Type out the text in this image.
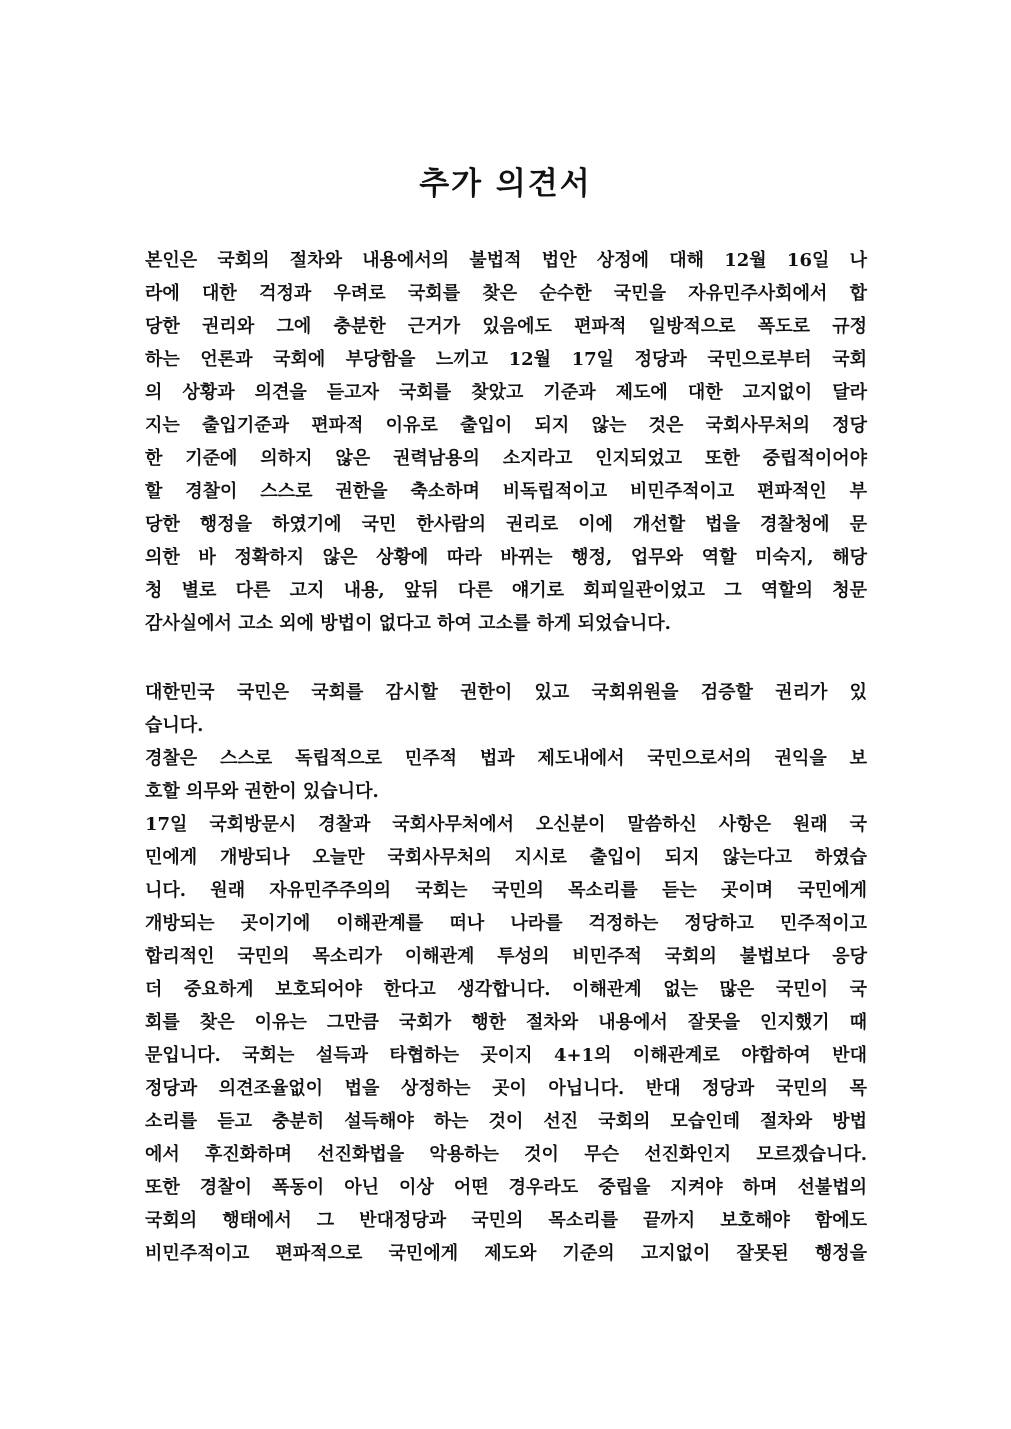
추가 의견서
본인은 국회의 절차와 내용에서의 불법적 법안 상정에 대해 12월 16일 나
라에 대한 걱정과 우려로 국회를 찾은 순수한 국민을 자유민주사회에서 합
당한 권리와 그에 충분한 근거가 있음에도 편파적 일방적으로 폭도로 규정
하는 언론과 국회에 부당함을 느끼고 12월 17일 정당과 국민으로부터 국회
의 상황과 의견을 듣고자 국회를 찾았고 기준과 제도에 대한 고지없이 달라
지는 출입기준과 편파적 이유로 출입이 되지 않는 것은 국회사무처의 정당
한 기준에 의하지 않은 권력남용의 소지라고 인지되었고 또한 중립적이어야
할 경찰이 스스로 권한을 축소하며 비독립적이고 비민주적이고 편파적인 부
당한 행정을 하였기에 국민 한사람의 권리로 이에 개선할 법을 경찰청에 문
의한 바 정확하지 않은 상황에 따라 바뀌는 행정, 업무와 역할 미숙지, 해당
청 별로 다른 고지 내용, 앞뒤 다른 얘기로 회피일관이었고 그 역할의 청문
감사실에서 고소 외에 방법이 없다고 하여 고소를 하게 되었습니다.
대한민국 국민은 국회를 감시할 권한이 있고 국회위원을 검증할 권리가 있
습니다.
경찰은 스스로 독립적으로 민주적 법과 제도내에서 국민으로서의 권익을 보
호할 의무와 권한이 있습니다.
17일 국회방문시 경찰과 국회사무처에서 오신분이 말씀하신 사항은 원래 국
민에게 개방되나 오늘만 국회사무처의 지시로 출입이 되지 않는다고 하였습
니다. 원래 자유민주주의의 국회는 국민의 목소리를 듣는 곳이며 국민에게
개방되는 곳이기에 이해관계를 떠나 나라를 걱정하는 정당하고 민주적이고
합리적인 국민의 목소리가 이해관계 투성의 비민주적 국회의 불법보다 응당
더 중요하게 보호되어야 한다고 생각합니다. 이해관계 없는 많은 국민이 국
회를 찾은 이유는 그만큼 국회가 행한 절차와 내용에서 잘못을 인지했기 때
문입니다. 국회는 설득과 타협하는 곳이지 4+1의 이해관계로 야합하여 반대
정당과 의견조율없이 법을 상정하는 곳이 아닙니다. 반대 정당과 국민의 목
소리를 듣고 충분히 설득해야 하는 것이 선진 국회의 모습인데 절차와 방법
에서 후진화하며 선진화법을 악용하는 것이 무슨 선진화인지 모르겠습니다.
또한 경찰이 폭동이 아닌 이상 어떤 경우라도 중립을 지켜야 하며 선불법의
국회의 행태에서 그 반대정당과 국민의 목소리를 끝까지 보호해야 함에도
비민주적이고 편파적으로 국민에게 제도와 기준의 고지없이 잘못된 행정을
